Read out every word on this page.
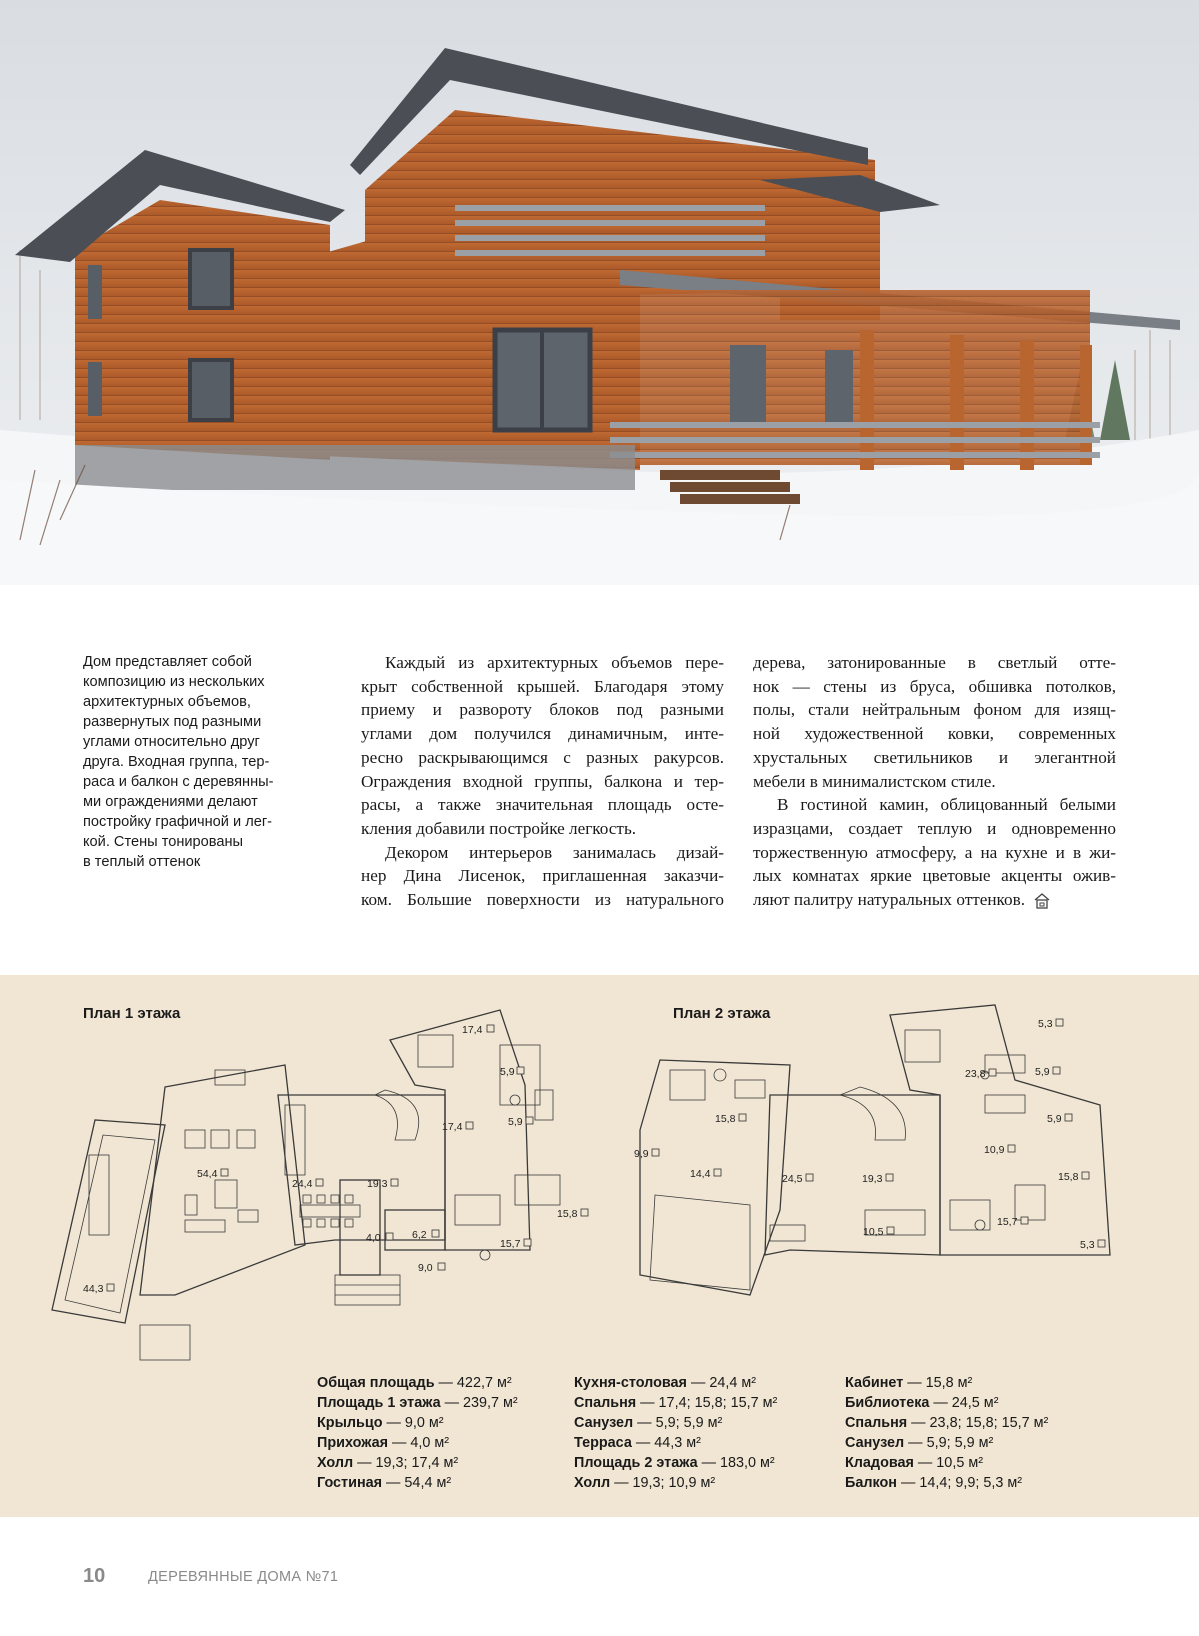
Дом представляет собой
композицию из нескольких
архитектурных объемов,
развернутых под разными
углами относительно друг
друга. Входная группа, тер-
раса и балкон с деревянны-
ми ограждениями делают
постройку графичной и лег-
кой. Стены тонированы
в теплый оттенок
Каждый из архитектурных объемов пере-
крыт собственной крышей. Благодаря этому
приему и развороту блоков под разными
углами дом получился динамичным, инте-
ресно раскрывающимся с разных ракурсов.
Ограждения входной группы, балкона и тер-
расы, а также значительная площадь осте-
кления добавили постройке легкость.
Декором интерьеров занималась дизай-
нер Дина Лисенок, приглашенная заказчи-
ком. Большие поверхности из натурального
дерева, затонированные в светлый отте-
нок — стены из бруса, обшивка потолков,
полы, стали нейтральным фоном для изящ-
ной художественной ковки, современных
хрустальных светильников и элегантной
мебели в минималистском стиле.
В гостиной камин, облицованный белыми
изразцами, создает теплую и одновременно
торжественную атмосферу, а на кухне и в жи-
лых комнатах яркие цветовые акценты ожив-
ляют палитру натуральных оттенков.
План 1 этажа	План 2 этажа
17,4
5,9
5,9
17,4
54,4
24,4	19,3
15,8
6,2
4,0	15,7
9,0
44,3
5,3
23,8	5,9
5,9
15,8
9,9
14,4	24,5	19,3
10,9
15,8
15,7
10,5
5,3
Общая площадь — 422,7 м²
Площадь 1 этажа — 239,7 м²
Крыльцо — 9,0 м²
Прихожая — 4,0 м²
Холл — 19,3; 17,4 м²
Гостиная — 54,4 м²
Кухня-столовая — 24,4 м²
Спальня — 17,4; 15,8; 15,7 м²
Санузел — 5,9; 5,9 м²
Терраса — 44,3 м²
Площадь 2 этажа — 183,0 м²
Холл — 19,3; 10,9 м²
Кабинет — 15,8 м²
Библиотека — 24,5 м²
Спальня — 23,8; 15,8; 15,7 м²
Санузел — 5,9; 5,9 м²
Кладовая — 10,5 м²
Балкон — 14,4; 9,9; 5,3 м²
10	ДЕРЕВЯННЫЕ ДОМА №71
